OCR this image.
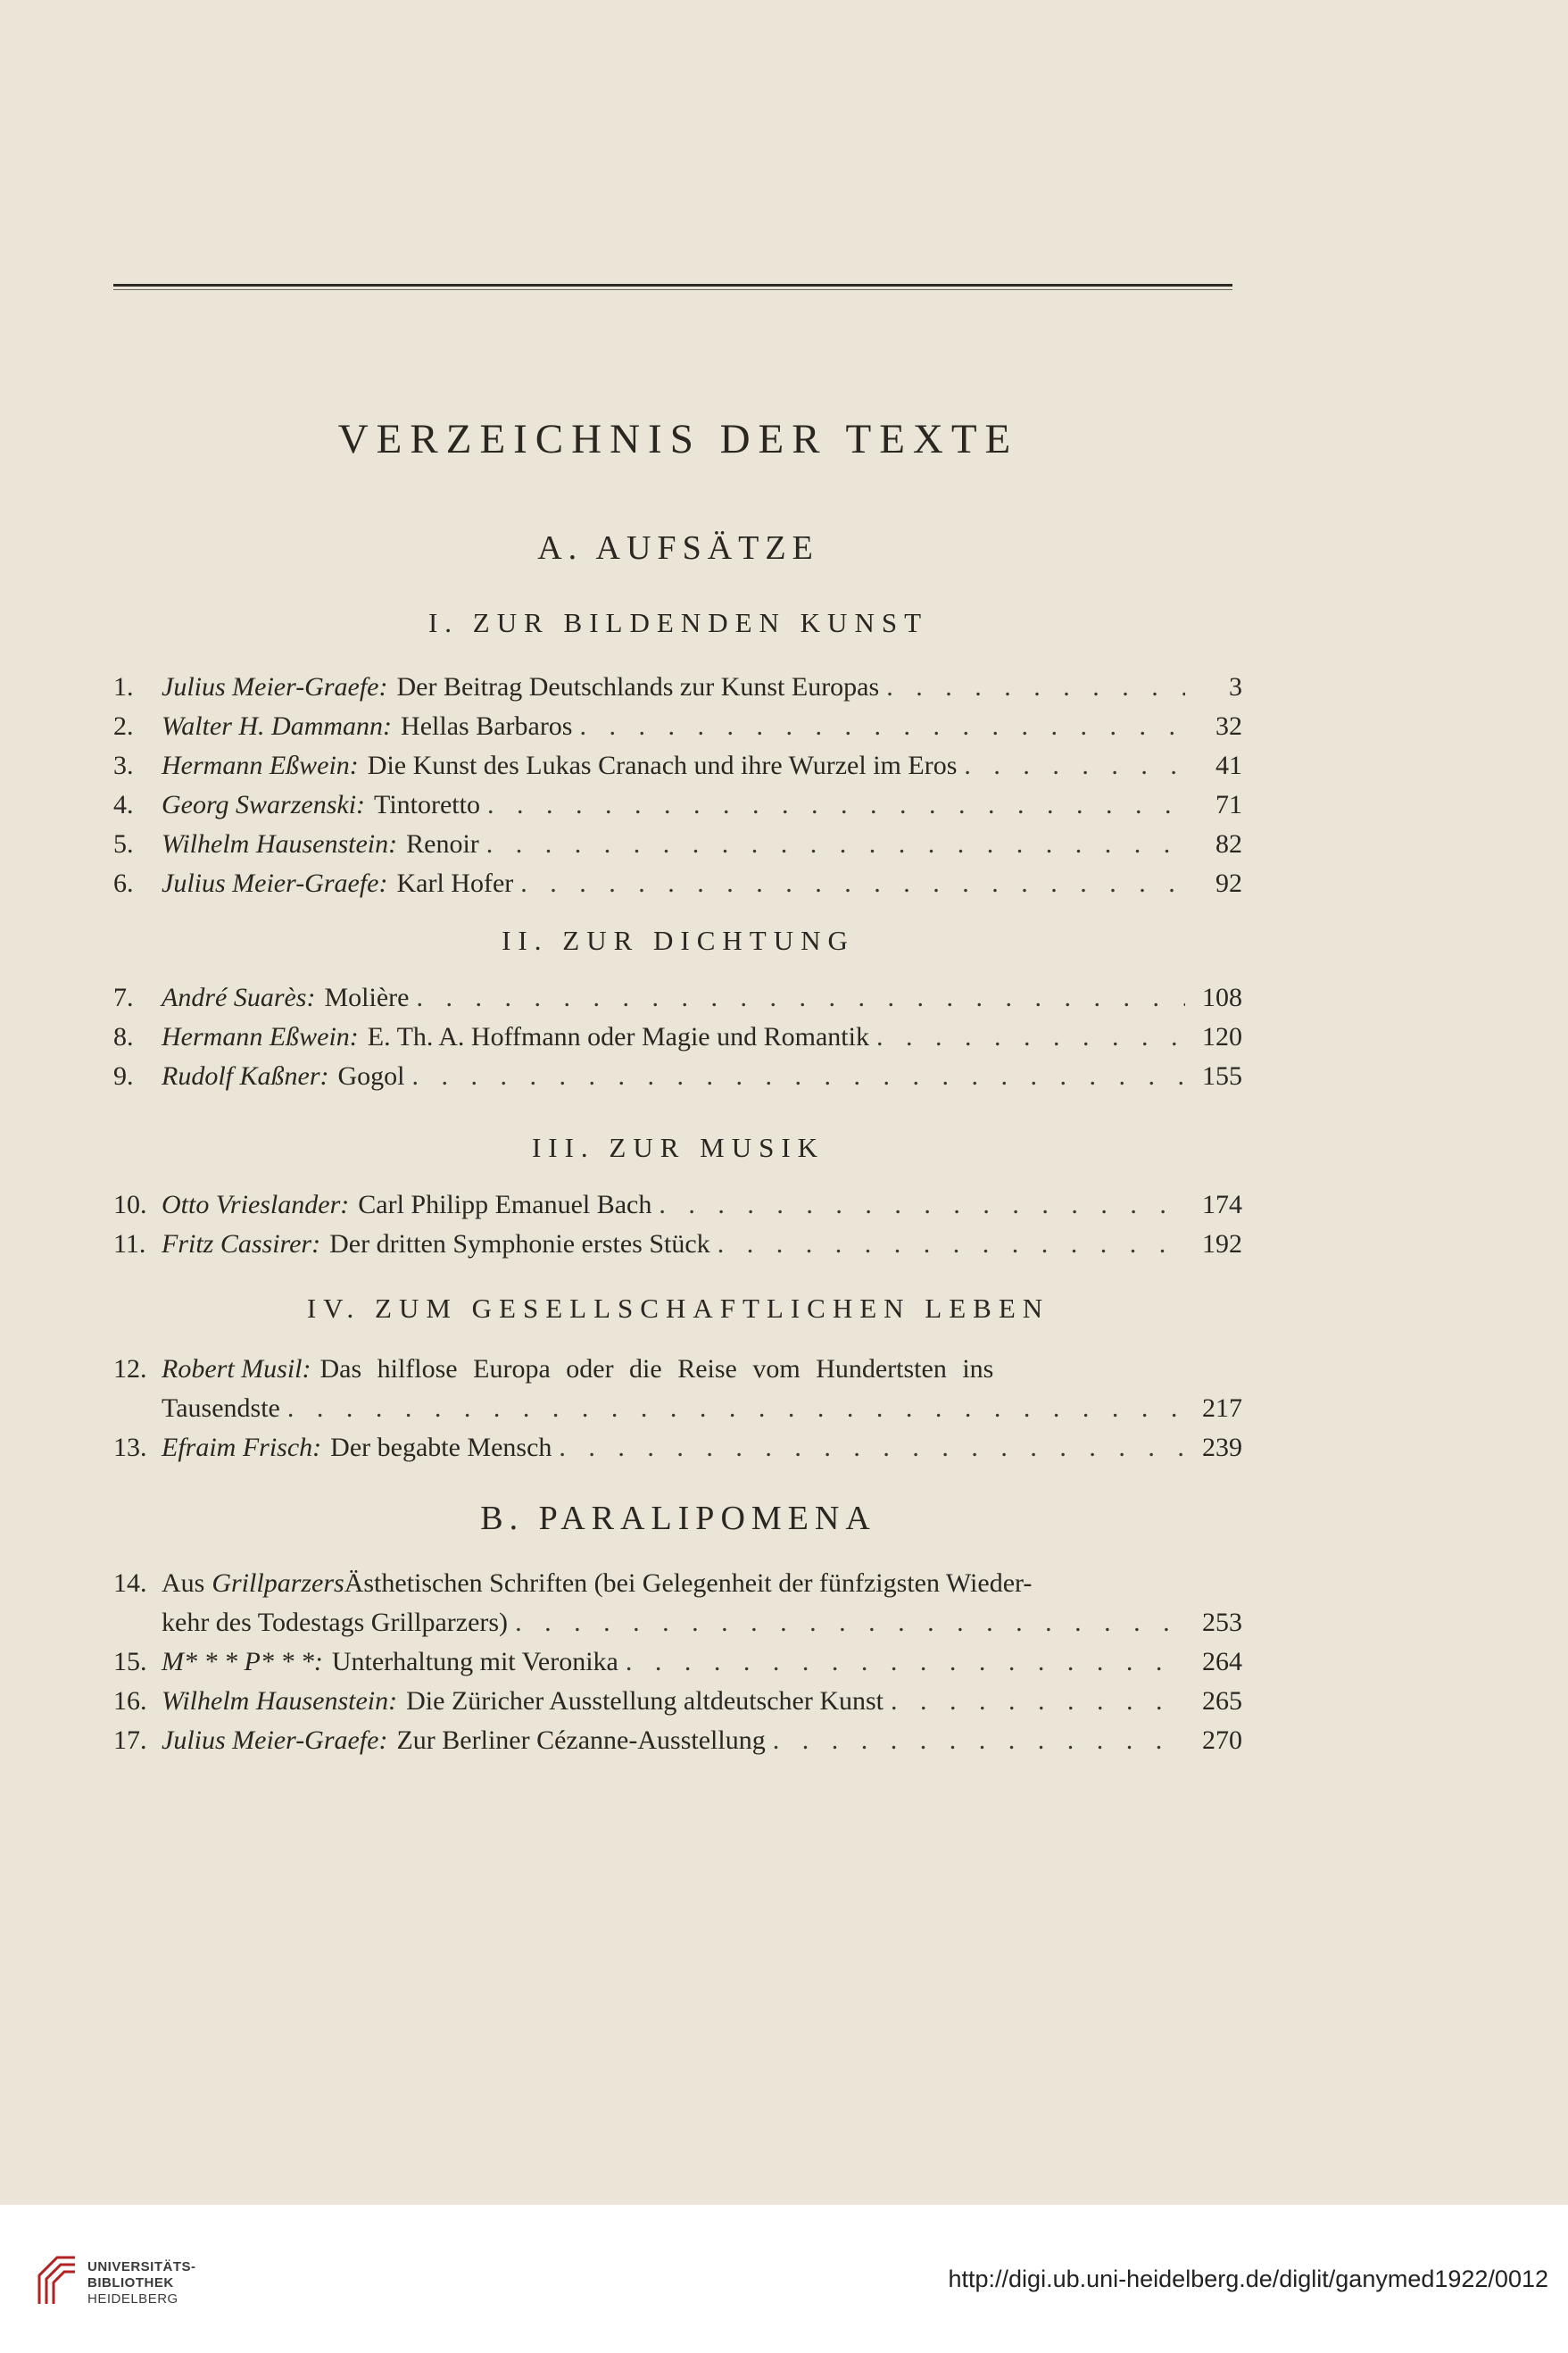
VERZEICHNIS DER TEXTE
A. AUFSÄTZE
I. ZUR BILDENDEN KUNST
1.	Julius Meier-Graefe: Der Beitrag Deutschlands zur Kunst Europas . . .	3
2.	Walter H. Dammann: Hellas Barbaros . . .	32
3.	Hermann Eßwein: Die Kunst des Lukas Cranach und ihre Wurzel im Eros . . .	41
4.	Georg Swarzenski: Tintoretto . . .	71
5.	Wilhelm Hausenstein: Renoir . . .	82
6.	Julius Meier-Graefe: Karl Hofer . . .	92
II. ZUR DICHTUNG
7.	André Suarès: Molière . . .	108
8.	Hermann Eßwein: E. Th. A. Hoffmann oder Magie und Romantik . . .	120
9.	Rudolf Kaßner: Gogol . . .	155
III. ZUR MUSIK
10. Otto Vrieslander: Carl Philipp Emanuel Bach . . .	174
11. Fritz Cassirer: Der dritten Symphonie erstes Stück . . .	192
IV. ZUM GESELLSCHAFTLICHEN LEBEN
12. Robert Musil: Das hilflose Europa oder die Reise vom Hundertsten ins
Tausendste . . .	217
13. Efraim Frisch: Der begabte Mensch . . .	239
B. PARALIPOMENA
14. Aus Grillparzers Ästhetischen Schriften (bei Gelegenheit der fünfzigsten Wieder-
kehr des Todestags Grillparzers) . . .	253
15. M* * * P* * *: Unterhaltung mit Veronika . . .	264
16. Wilhelm Hausenstein: Die Züricher Ausstellung altdeutscher Kunst . . .	265
17. Julius Meier-Graefe: Zur Berliner Cézanne-Ausstellung . . .	270
UNIVERSITÄTS-
BIBLIOTHEK
HEIDELBERG
http://digi.ub.uni-heidelberg.de/diglit/ganymed1922/0012
